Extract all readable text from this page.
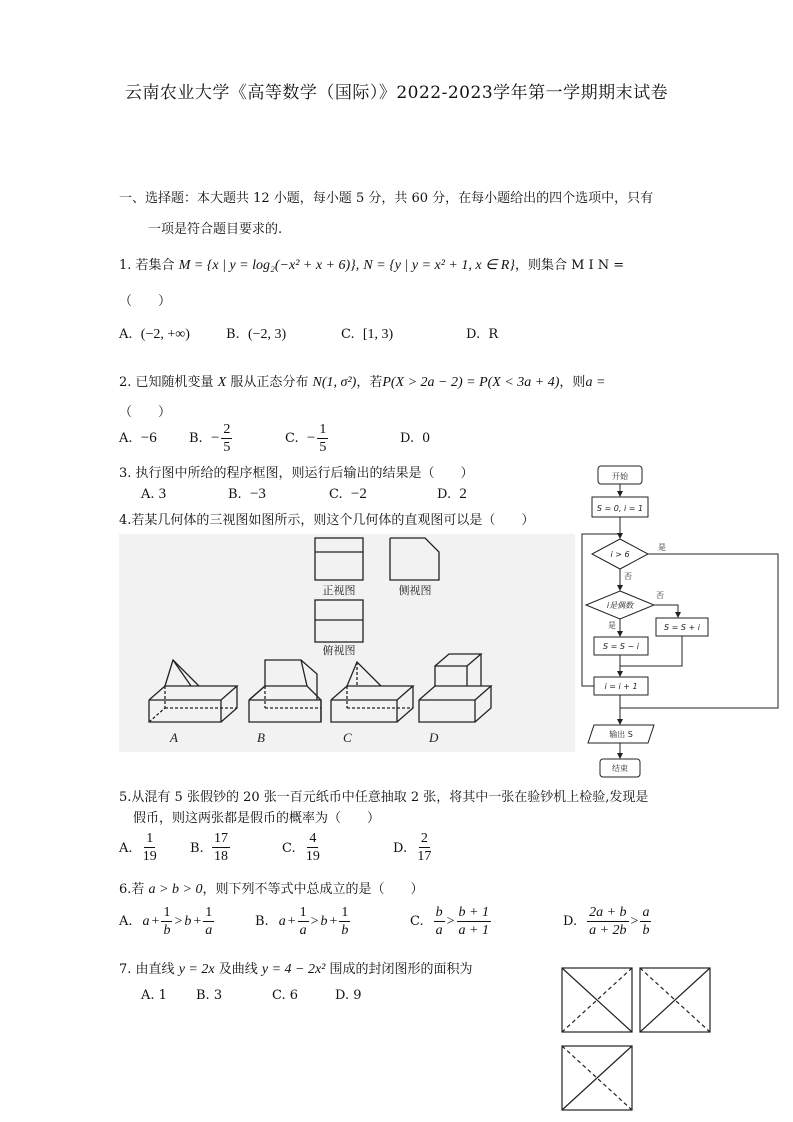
云南农业大学《高等数学（国际）》2022-2023学年第一学期期末试卷
一、选择题：本大题共 12 小题，每小题 5 分，共 60 分，在每小题给出的四个选项中，只有
一项是符合题目要求的.
1. 若集合 M = {x | y = log₂(−x² + x + 6)}, N = {y | y = x² + 1, x ∈ R}，则集合 M I N =
（　　）
A. (−2, +∞)	B. (−2, 3)	C. [1, 3)	D. R
2. 已知随机变量 X 服从正态分布 N(1, σ²)，若P(X > 2a − 2) = P(X < 3a + 4)，则a =
（　　）
A. −6 B. − $\frac{2}{5}$	C. − $\frac{1}{5}$	D. 0
3. 执行图中所给的程序框图，则运行后输出的结果是（　　）
A. 3	B. −3	C. −2	D. 2
4.若某几何体的三视图如图所示，则这个几何体的直观图可以是（　　）
正视图	侧视图
俯视图
A	B	C	D
开始
S = 0, i = 1
i > 6
是
否
i是偶数
否
是
S = S − i
S = S + i
i = i + 1
输出 S
结束
5.从混有 5 张假钞的 20 张一百元纸币中任意抽取 2 张，将其中一张在验钞机上检验,发现是
假币，则这两张都是假币的概率为（　　）
A. $\frac{1}{19} B$. $\frac{17}{18}$	C. $\frac{4}{19}$	D. $\frac{2}{17}$
6.若 a > b > 0，则下列不等式中总成立的是（　　）
A. $a + \frac{1}{b} > b + \frac{1}{a}$	B. $a + \frac{1}{a} > b + \frac{1}{b}$	C. $\frac{b}{a} > \frac{b + 1}{a + 1}$	D. $\frac{2a + b}{a + 2b} > \frac{a}{b}$
7. 由直线 y = 2x 及曲线 y = 4 − 2x² 围成的封闭图形的面积为
A. 1 B. 3	C. 6	D. 9
